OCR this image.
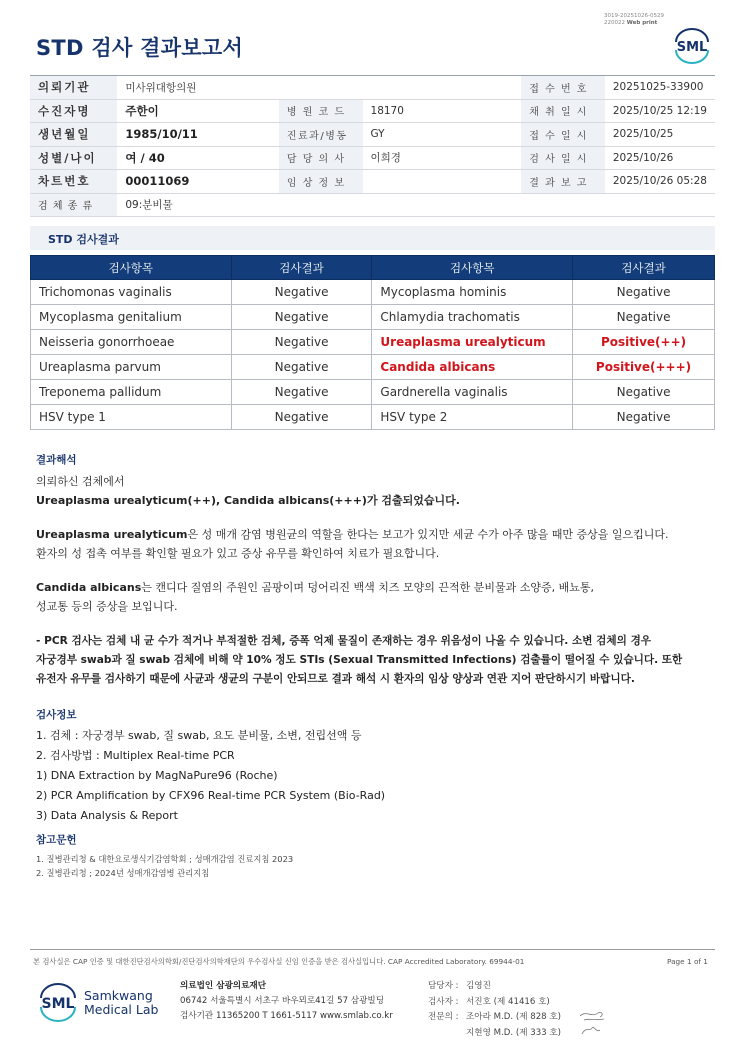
3019-20251026-0529
220022 Web print
STD 검사 결과보고서	SML
의뢰기관	미사위대항의원			접 수 번 호	20251025-33900
수진자명	주한이	병 원 코 드	18170	채 취 일 시	2025/10/25 12:19
생년월일	1985/10/11	진료과/병동	GY	접 수 일 시	2025/10/25
성별/나이	여 / 40	담 당 의 사	이희경	검 사 일 시	2025/10/26
차트번호	00011069	임 상 정 보		결 과 보 고	2025/10/26 05:28
검 체 종 류	09:분비물				
STD 검사결과
검사항목	검사결과	검사항목	검사결과
Trichomonas vaginalis	Negative	Mycoplasma hominis	Negative
Mycoplasma genitalium	Negative	Chlamydia trachomatis	Negative
Neisseria gonorrhoeae	Negative	Ureaplasma urealyticum	Positive(++)
Ureaplasma parvum	Negative	Candida albicans	Positive(+++)
Treponema pallidum	Negative	Gardnerella vaginalis	Negative
HSV type 1	Negative	HSV type 2	Negative
결과해석
의뢰하신 검체에서
Ureaplasma urealyticum(++), Candida albicans(+++)가 검출되었습니다.
Ureaplasma urealyticum은 성 매개 감염 병원균의 역할을 한다는 보고가 있지만 세균 수가 아주 많을 때만 증상을 일으킵니다.
환자의 성 접촉 여부를 확인할 필요가 있고 증상 유무를 확인하여 치료가 필요합니다.
Candida albicans는 캔디다 질염의 주원인 곰팡이며 덩어리진 백색 치즈 모양의 끈적한 분비물과 소양증, 배뇨통,
성교통 등의 증상을 보입니다.
- PCR 검사는 검체 내 균 수가 적거나 부적절한 검체, 증폭 억제 물질이 존재하는 경우 위음성이 나올 수 있습니다. 소변 검체의 경우
자궁경부 swab과 질 swab 검체에 비해 약 10% 정도 STIs (Sexual Transmitted Infections) 검출률이 떨어질 수 있습니다. 또한
유전자 유무를 검사하기 때문에 사균과 생균의 구분이 안되므로 결과 해석 시 환자의 임상 양상과 연관 지어 판단하시기 바랍니다.
검사정보
1. 검체 : 자궁경부 swab, 질 swab, 요도 분비물, 소변, 전립선액 등
2. 검사방법 : Multiplex Real-time PCR
1) DNA Extraction by MagNaPure96 (Roche)
2) PCR Amplification by CFX96 Real-time PCR System (Bio-Rad)
3) Data Analysis & Report
참고문헌
1. 질병관리청 & 대한요로생식기감염학회 ; 성매개감염 진료지침 2023
2. 질병관리청 ; 2024년 성매개감염병 관리지침
본 검사실은 CAP 인증 및 대한진단검사의학회/진단검사의학재단의 우수검사실 신임 인증을 받은 검사실입니다. CAP Accredited Laboratory. 69944-01	Page 1 of 1
SML
Samkwang
Medical Lab
의료법인 삼광의료재단
06742 서울특별시 서초구 바우뫼로41길 57 삼광빌딩
검사기관 11365200 T 1661-5117 www.smlab.co.kr
담당자 : 김영진
검사자 : 서진호 (제 41416 호)
전문의 : 조아라 M.D. (제 828 호)
지현영 M.D. (제 333 호)
